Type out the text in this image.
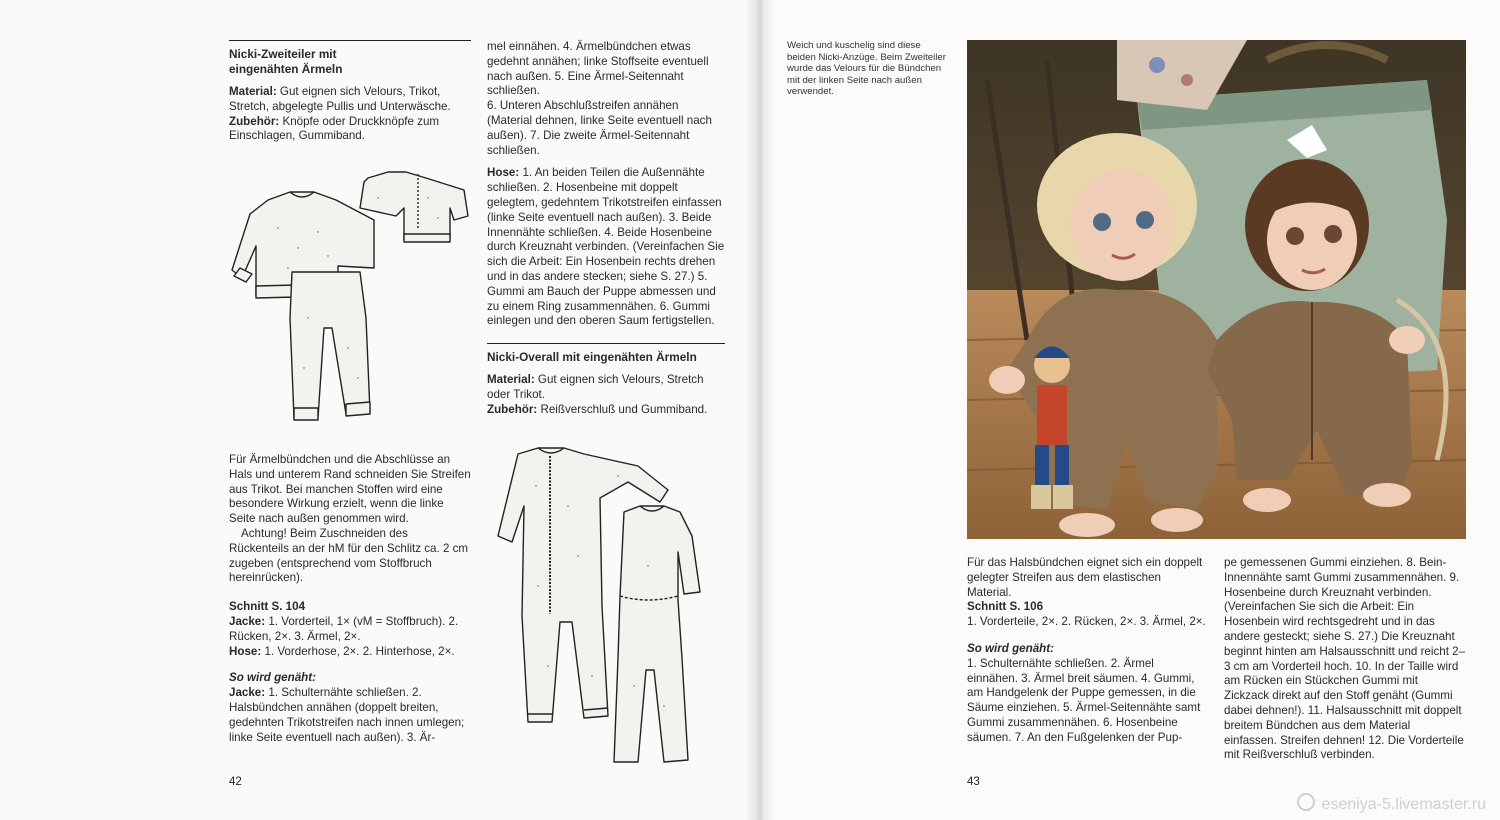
Nicki-Zweiteiler mit
eingenähten Ärmeln

Material: Gut eignen sich Velours, Trikot, Stretch, abgelegte Pullis und Unterwäsche.

Zubehör: Knöpfe oder Druckknöpfe zum Einschlagen, Gummiband.

Für Ärmelbündchen und die Abschlüsse an Hals und unterem Rand schneiden Sie Streifen aus Trikot. Bei manchen Stoffen wird eine besondere Wirkung erzielt, wenn die linke Seite nach außen genommen wird.

Achtung! Beim Zuschneiden des Rückenteils an der hM für den Schlitz ca. 2 cm zugeben (entsprechend vom Stoffbruch hereinrücken).

Schnitt S. 104
Jacke: 1. Vorderteil, 1× (vM = Stoffbruch). 2. Rücken, 2×. 3. Ärmel, 2×.
Hose: 1. Vorderhose, 2×. 2. Hinterhose, 2×.
So wird genäht:
Jacke: 1. Schulternähte schließen. 2. Halsbündchen annähen (doppelt breiten, gedehnten Trikotstreifen nach innen umlegen; linke Seite eventuell nach außen). 3. Är-
42

mel einnähen. 4. Ärmelbündchen etwas gedehnt annähen; linke Stoffseite eventuell nach außen. 5. Eine Ärmel-Seitennaht schließen.

6. Unteren Abschlußstreifen annähen (Material dehnen, linke Seite eventuell nach außen). 7. Die zweite Ärmel-Seitennaht schließen.

Hose: 1. An beiden Teilen die Außennähte schließen. 2. Hosenbeine mit doppelt gelegtem, gedehntem Trikotstreifen einfassen (linke Seite eventuell nach außen). 3. Beide Innennähte schließen. 4. Beide Hosenbeine durch Kreuznaht verbinden. (Vereinfachen Sie sich die Arbeit: Ein Hosenbein rechts drehen und in das andere stecken; siehe S. 27.) 5. Gummi am Bauch der Puppe abmessen und zu einem Ring zusammennähen. 6. Gummi einlegen und den oberen Saum fertigstellen.

Nicki-Overall mit eingenähten Ärmeln

Material: Gut eignen sich Velours, Stretch oder Trikot.

Zubehör: Reißverschluß und Gummiband.

Weich und kuschelig sind diese beiden Nicki-Anzüge. Beim Zweiteiler wurde das Velours für die Bündchen mit der linken Seite nach außen verwendet.

Für das Halsbündchen eignet sich ein doppelt gelegter Streifen aus dem elastischen Material.

Schnitt S. 106

1. Vorderteile, 2×. 2. Rücken, 2×. 3. Ärmel, 2×.

So wird genäht:

1. Schulternähte schließen. 2. Ärmel einnähen. 3. Ärmel breit säumen. 4. Gummi, am Handgelenk der Puppe gemessen, in die Säume einziehen. 5. Ärmel-Seitennähte samt Gummi zusammennähen. 6. Hosenbeine säumen. 7. An den Fußgelenken der Pup-

pe gemessenen Gummi einziehen. 8. Bein-Innennähte samt Gummi zusammennähen. 9. Hosenbeine durch Kreuznaht verbinden. (Vereinfachen Sie sich die Arbeit: Ein Hosenbein wird rechtsgedreht und in das andere gesteckt; siehe S. 27.) Die Kreuznaht beginnt hinten am Halsausschnitt und reicht 2–3 cm am Vorderteil hoch. 10. In der Taille wird am Rücken ein Stückchen Gummi mit Zickzack direkt auf den Stoff genäht (Gummi dabei dehnen!). 11. Halsausschnitt mit doppelt breitem Bündchen aus dem Material einfassen. Streifen dehnen! 12. Die Vorderteile mit Reißverschluß verbinden.

43
eseniya-5.livemaster.ru
